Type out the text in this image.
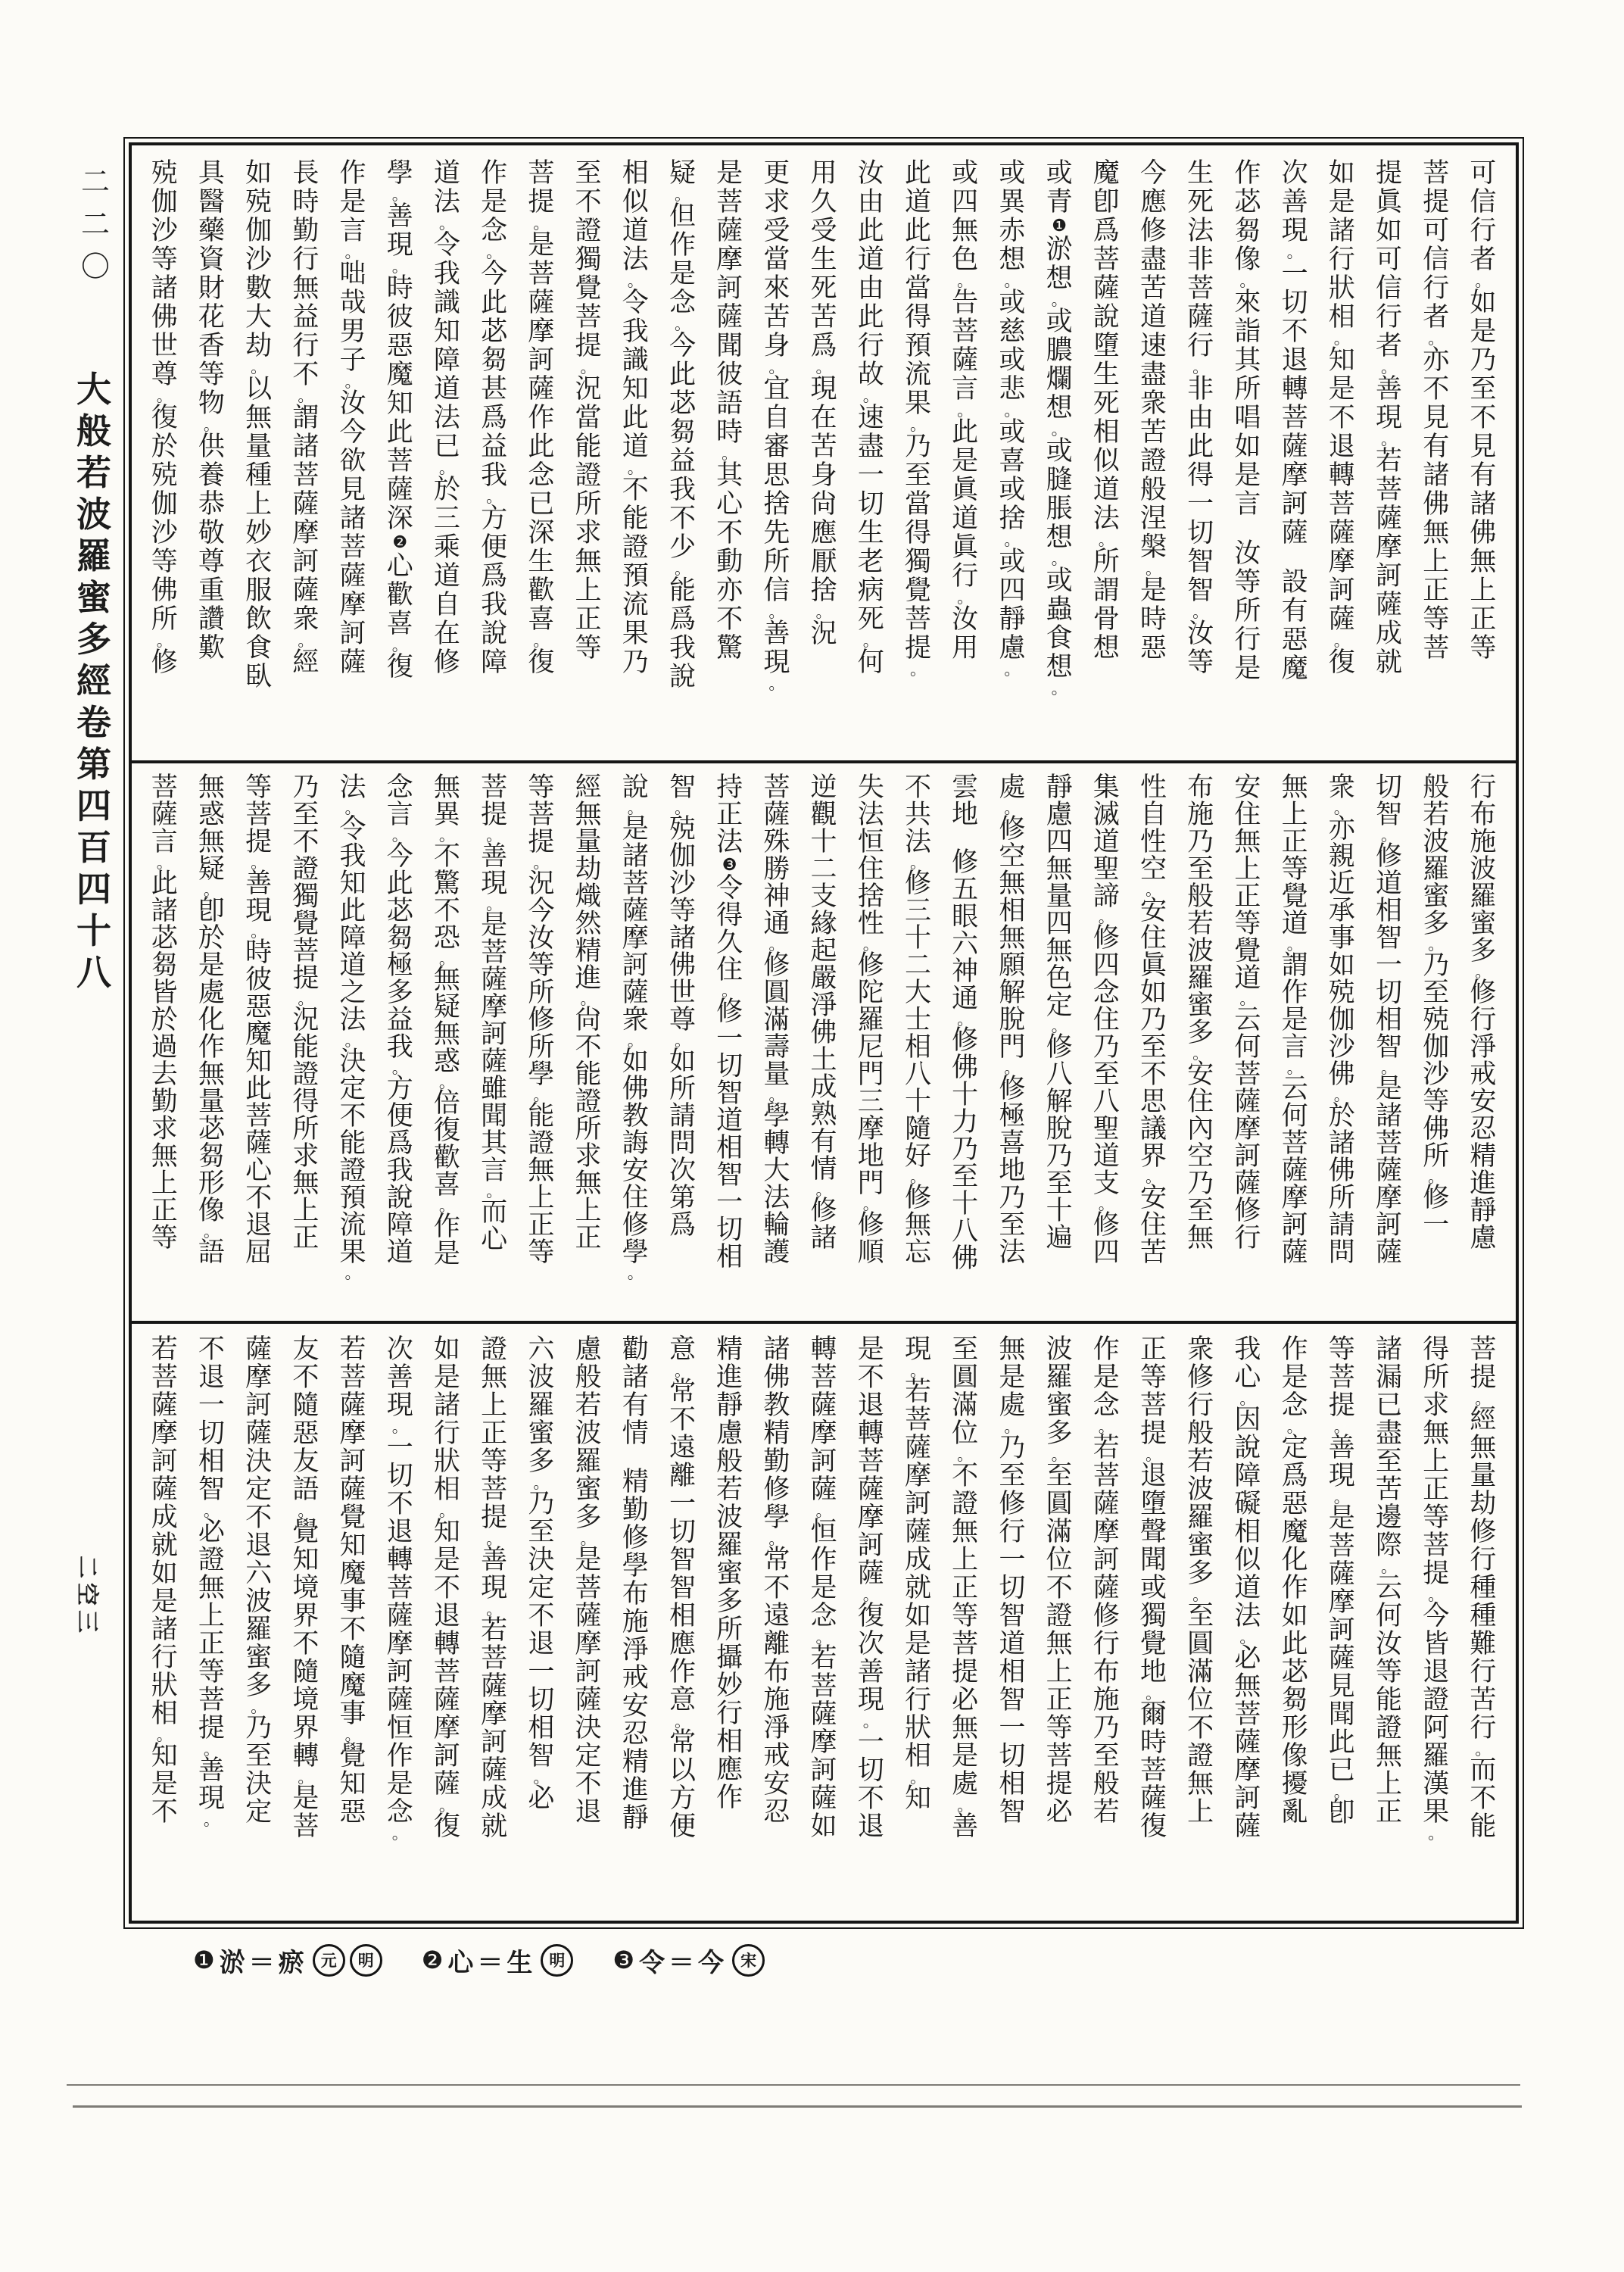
二
二
〇
大
般
若
波
羅
蜜
多
經
卷
第
四
百
四
十
八
二空三
可
信
行
者
。
如
是
乃
至
不
見
有
諸
佛
無
上
正
等
菩
提
可
信
行
者
。
亦
不
見
有
諸
佛
無
上
正
等
菩
提
眞
如
可
信
行
者
。
善
現
。
若
菩
薩
摩
訶
薩
成
就
如
是
諸
行
狀
相
。
知
是
不
退
轉
菩
薩
摩
訶
薩
。
復
次
善
現
。
一
切
不
退
轉
菩
薩
摩
訶
薩
設
有
惡
魔
作
苾
芻
像
。
來
詣
其
所
唱
如
是
言
汝
等
所
行
是
生
死
法
非
菩
薩
行
。
非
由
此
得
一
切
智
智
。
汝
等
今
應
修
盡
苦
道
速
盡
衆
苦
證
般
涅
槃
。
是
時
惡
魔
卽
爲
菩
薩
說
墮
生
死
相
似
道
法
。
所
謂
骨
想
或
青
❶
淤
想
。
或
膿
爛
想
。
或
膖
脹
想
。
或
蟲
食
想
。
或
異
赤
想
。
或
慈
或
悲
。
或
喜
或
捨
。
或
四
靜
慮
。
或
四
無
色
。
告
菩
薩
言
。
此
是
眞
道
眞
行
。
汝
用
此
道
此
行
當
得
預
流
果
。
乃
至
當
得
獨
覺
菩
提
。
汝
由
此
道
由
此
行
故
。
速
盡
一
切
生
老
病
死
。
何
用
久
受
生
死
苦
爲
。
現
在
苦
身
尙
應
厭
捨
。
況
更
求
受
當
來
苦
身
。
宜
自
審
思
捨
先
所
信
。
善
現
。
是
菩
薩
摩
訶
薩
聞
彼
語
時
。
其
心
不
動
亦
不
驚
疑
。
但
作
是
念
。
今
此
苾
芻
益
我
不
少
。
能
爲
我
說
相
似
道
法
。
令
我
識
知
此
道
。
不
能
證
預
流
果
乃
至
不
證
獨
覺
菩
提
。
況
當
能
證
所
求
無
上
正
等
菩
提
。
是
菩
薩
摩
訶
薩
作
此
念
已
深
生
歡
喜
。
復
作
是
念
。
今
此
苾
芻
甚
爲
益
我
。
方
便
爲
我
說
障
道
法
。
令
我
識
知
障
道
法
已
。
於
三
乘
道
自
在
修
學
。
善
現
。
時
彼
惡
魔
知
此
菩
薩
深
❷
心
歡
喜
。
復
作
是
言
。
咄
哉
男
子
。
汝
今
欲
見
諸
菩
薩
摩
訶
薩
長
時
勤
行
無
益
行
不
。
謂
諸
菩
薩
摩
訶
薩
衆
。
經
如
殑
伽
沙
數
大
劫
。
以
無
量
種
上
妙
衣
服
飲
食
臥
具
醫
藥
資
財
花
香
等
物
。
供
養
恭
敬
尊
重
讚
歎
殑
伽
沙
等
諸
佛
世
尊
。
復
於
殑
伽
沙
等
佛
所
。
修
行
布
施
波
羅
蜜
多
。
修
行
淨
戒
安
忍
精
進
靜
慮
般
若
波
羅
蜜
多
。
乃
至
殑
伽
沙
等
佛
所
。
修
一
切
智
。
修
道
相
智
一
切
相
智
。
是
諸
菩
薩
摩
訶
薩
衆
。
亦
親
近
承
事
如
殑
伽
沙
佛
。
於
諸
佛
所
請
問
無
上
正
等
覺
道
。
謂
作
是
言
。
云
何
菩
薩
摩
訶
薩
安
住
無
上
正
等
覺
道
。
云
何
菩
薩
摩
訶
薩
修
行
布
施
乃
至
般
若
波
羅
蜜
多
。
安
住
內
空
乃
至
無
性
自
性
空
。
安
住
眞
如
乃
至
不
思
議
界
。
安
住
苦
集
滅
道
聖
諦
。
修
四
念
住
乃
至
八
聖
道
支
。
修
四
靜
慮
四
無
量
四
無
色
定
。
修
八
解
脫
乃
至
十
遍
處
。
修
空
無
相
無
願
解
脫
門
。
修
極
喜
地
乃
至
法
雲
地
修
五
眼
六
神
通
。
修
佛
十
力
乃
至
十
八
佛
不
共
法
。
修
三
十
二
大
士
相
八
十
隨
好
。
修
無
忘
失
法
恒
住
捨
性
。
修
陀
羅
尼
門
三
摩
地
門
。
修
順
逆
觀
十
二
支
緣
起
嚴
淨
佛
土
成
熟
有
情
。
修
諸
菩
薩
殊
勝
神
通
。
修
圓
滿
壽
量
。
學
轉
大
法
輪
護
持
正
法
❸
令
得
久
住
。
修
一
切
智
道
相
智
一
切
相
智
。
殑
伽
沙
等
諸
佛
世
尊
。
如
所
請
問
次
第
爲
說
。
是
諸
菩
薩
摩
訶
薩
衆
。
如
佛
教
誨
安
住
修
學
。
經
無
量
劫
熾
然
精
進
。
尙
不
能
證
所
求
無
上
正
等
菩
提
。
況
今
汝
等
所
修
所
學
。
能
證
無
上
正
等
菩
提
。
善
現
。
是
菩
薩
摩
訶
薩
雖
聞
其
言
。
而
心
無
異
。
不
驚
不
恐
。
無
疑
無
惑
。
倍
復
歡
喜
。
作
是
念
言
。
今
此
苾
芻
極
多
益
我
。
方
便
爲
我
說
障
道
法
。
令
我
知
此
障
道
之
法
。
決
定
不
能
證
預
流
果
。
乃
至
不
證
獨
覺
菩
提
。
況
能
證
得
所
求
無
上
正
等
菩
提
。
善
現
。
時
彼
惡
魔
知
此
菩
薩
心
不
退
屈
無
惑
無
疑
。
卽
於
是
處
化
作
無
量
苾
芻
形
像
。
語
菩
薩
言
。
此
諸
苾
芻
皆
於
過
去
勤
求
無
上
正
等
菩
提
。
經
無
量
劫
修
行
種
種
難
行
苦
行
。
而
不
能
得
所
求
無
上
正
等
菩
提
。
今
皆
退
證
阿
羅
漢
果
。
諸
漏
已
盡
至
苦
邊
際
。
云
何
汝
等
能
證
無
上
正
等
菩
提
。
善
現
。
是
菩
薩
摩
訶
薩
見
聞
此
已
。
卽
作
是
念
。
定
爲
惡
魔
化
作
如
此
苾
芻
形
像
擾
亂
我
心
。
因
說
障
礙
相
似
道
法
。
必
無
菩
薩
摩
訶
薩
衆
修
行
般
若
波
羅
蜜
多
。
至
圓
滿
位
不
證
無
上
正
等
菩
提
。
退
墮
聲
聞
或
獨
覺
地
。
爾
時
菩
薩
復
作
是
念
。
若
菩
薩
摩
訶
薩
修
行
布
施
乃
至
般
若
波
羅
蜜
多
。
至
圓
滿
位
不
證
無
上
正
等
菩
提
必
無
是
處
。
乃
至
修
行
一
切
智
道
相
智
一
切
相
智
至
圓
滿
位
。
不
證
無
上
正
等
菩
提
必
無
是
處
。
善
現
。
若
菩
薩
摩
訶
薩
成
就
如
是
諸
行
狀
相
。
知
是
不
退
轉
菩
薩
摩
訶
薩
。
復
次
善
現
。
一
切
不
退
轉
菩
薩
摩
訶
薩
。
恒
作
是
念
。
若
菩
薩
摩
訶
薩
如
諸
佛
教
精
勤
修
學
。
常
不
遠
離
布
施
淨
戒
安
忍
精
進
靜
慮
般
若
波
羅
蜜
多
所
攝
妙
行
相
應
作
意
。
常
不
遠
離
一
切
智
智
相
應
作
意
。
常
以
方
便
勸
諸
有
情
精
勤
修
學
布
施
淨
戒
安
忍
精
進
靜
慮
般
若
波
羅
蜜
多
。
是
菩
薩
摩
訶
薩
決
定
不
退
六
波
羅
蜜
多
。
乃
至
決
定
不
退
一
切
相
智
。
必
證
無
上
正
等
菩
提
。
善
現
。
若
菩
薩
摩
訶
薩
成
就
如
是
諸
行
狀
相
。
知
是
不
退
轉
菩
薩
摩
訶
薩
。
復
次
善
現
。
一
切
不
退
轉
菩
薩
摩
訶
薩
恒
作
是
念
。
若
菩
薩
摩
訶
薩
覺
知
魔
事
不
隨
魔
事
。
覺
知
惡
友
不
隨
惡
友
語
。
覺
知
境
界
不
隨
境
界
轉
。
是
菩
薩
摩
訶
薩
決
定
不
退
六
波
羅
蜜
多
。
乃
至
決
定
不
退
一
切
相
智
。
必
證
無
上
正
等
菩
提
。
善
現
。
若
菩
薩
摩
訶
薩
成
就
如
是
諸
行
狀
相
。
知
是
不
❶ 淤＝瘀 元	明	❷ 心＝生 明	❸ 令＝今 宋
